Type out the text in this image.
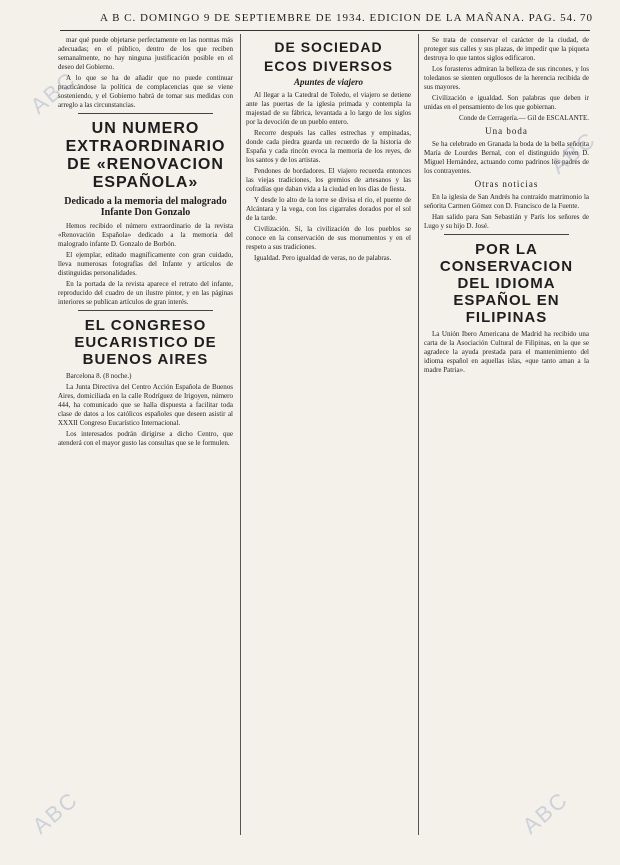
A B C. DOMINGO 9 DE SEPTIEMBRE DE 1934. EDICION DE LA MAÑANA. PAG. 54. 70

mar qué puede objetarse perfectamente en las normas más adecuadas; en el público, dentro de los que reciben semanalmente, no hay ninguna justificación posible en el deseo del Gobierno.

A lo que se ha de añadir que no puede continuar practicándose la política de complacencias que se viene sosteniendo, y el Gobierno habrá de tomar sus medidas con arreglo a las circunstancias.

UN NUMERO EXTRAORDINARIO DE «RENOVACION ESPAÑOLA»
Dedicado a la memoria del malogrado Infante Don Gonzalo

Hemos recibido el número extraordinario de la revista «Renovación Española» dedicado a la memoria del malogrado infante D. Gonzalo de Borbón.

El ejemplar, editado magníficamente con gran cuidado, lleva numerosas fotografías del Infante y artículos de distinguidas personalidades.

En la portada de la revista aparece el retrato del infante, reproducido del cuadro de un ilustre pintor, y en las páginas interiores se publican artículos de gran interés.

EL CONGRESO EUCARISTICO DE BUENOS AIRES

Barcelona 8. (8 noche.)

La Junta Directiva del Centro Acción Española de Buenos Aires, domiciliada en la calle Rodríguez de Irigoyen, número 444, ha comunicado que se halla dispuesta a facilitar toda clase de datos a los católicos españoles que deseen asistir al XXXII Congreso Eucarístico Internacional.

Los interesados podrán dirigirse a dicho Centro, que atenderá con el mayor gusto las consultas que se le formulen.

DE SOCIEDAD
ECOS DIVERSOS
Apuntes de viajero

Al llegar a la Catedral de Toledo, el viajero se detiene ante las puertas de la iglesia primada y contempla la majestad de su fábrica, levantada a lo largo de los siglos por la devoción de un pueblo entero.

Recorre después las calles estrechas y empinadas, donde cada piedra guarda un recuerdo de la historia de España y cada rincón evoca la memoria de los reyes, de los santos y de los artistas.

Pendones de bordadores. El viajero recuerda entonces las viejas tradiciones, los gremios de artesanos y las cofradías que daban vida a la ciudad en los días de fiesta.

Y desde lo alto de la torre se divisa el río, el puente de Alcántara y la vega, con los cigarrales dorados por el sol de la tarde.

Civilización. Sí, la civilización de los pueblos se conoce en la conservación de sus monumentos y en el respeto a sus tradiciones.

Igualdad. Pero igualdad de veras, no de palabras.

Se trata de conservar el carácter de la ciudad, de proteger sus calles y sus plazas, de impedir que la piqueta destruya lo que tantos siglos edificaron.

Los forasteros admiran la belleza de sus rincones, y los toledanos se sienten orgullosos de la herencia recibida de sus mayores.

Civilización e igualdad. Son palabras que deben ir unidas en el pensamiento de los que gobiernan.

Conde de Cerragería.— Gil de ESCALANTE.
Una boda

Se ha celebrado en Granada la boda de la bella señorita María de Lourdes Bernal, con el distinguido joven D. Miguel Hernández, actuando como padrinos los padres de los contrayentes.

Otras noticias

En la iglesia de San Andrés ha contraído matrimonio la señorita Carmen Gómez con D. Francisco de la Fuente.

Han salido para San Sebastián y París los señores de Lugo y su hijo D. José.

POR LA CONSERVACION DEL IDIOMA ESPAÑOL EN FILIPINAS

La Unión Ibero Americana de Madrid ha recibido una carta de la Asociación Cultural de Filipinas, en la que se agradece la ayuda prestada para el mantenimiento del idioma español en aquellas islas, «que tanto aman a la madre Patria».

ABC
ABC
ABC	ABC
